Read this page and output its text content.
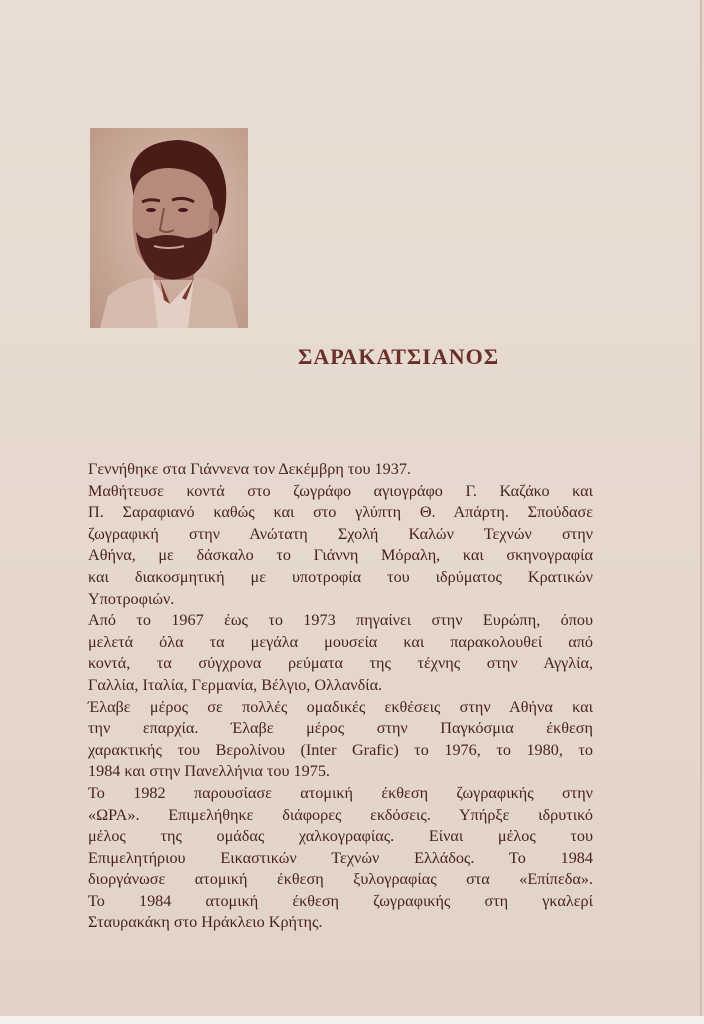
ΣΑΡΑΚΑΤΣΙΑΝΟΣ
Γεννήθηκε στα Γιάννενα τον Δεκέμβρη του 1937.
Μαθήτευσε κοντά στο ζωγράφο αγιογράφο Γ. Καζάκο και
Π. Σαραφιανό καθώς και στο γλύπτη Θ. Απάρτη. Σπούδασε
ζωγραφική στην Ανώτατη Σχολή Καλών Τεχνών στην
Αθήνα, με δάσκαλο το Γιάννη Μόραλη, και σκηνογραφία
και διακοσμητική με υποτροφία του ιδρύματος Κρατικών
Υποτροφιών.
Από το 1967 έως το 1973 πηγαίνει στην Ευρώπη, όπου
μελετά όλα τα μεγάλα μουσεία και παρακολουθεί από
κοντά, τα σύγχρονα ρεύματα της τέχνης στην Αγγλία,
Γαλλία, Ιταλία, Γερμανία, Βέλγιο, Ολλανδία.
Έλαβε μέρος σε πολλές ομαδικές εκθέσεις στην Αθήνα και
την επαρχία. Έλαβε μέρος στην Παγκόσμια έκθεση
χαρακτικής του Βερολίνου (Inter Grafic) το 1976, το 1980, το
1984 και στην Πανελλήνια του 1975.
Το 1982 παρουσίασε ατομική έκθεση ζωγραφικής στην
«ΩΡΑ». Επιμελήθηκε διάφορες εκδόσεις. Υπήρξε ιδρυτικό
μέλος της ομάδας χαλκογραφίας. Είναι μέλος του
Επιμελητήριου Εικαστικών Τεχνών Ελλάδος. Το 1984
διοργάνωσε ατομική έκθεση ξυλογραφίας στα «Επίπεδα».
Το 1984 ατομική έκθεση ζωγραφικής στη γκαλερί
Σταυρακάκη στο Ηράκλειο Κρήτης.
